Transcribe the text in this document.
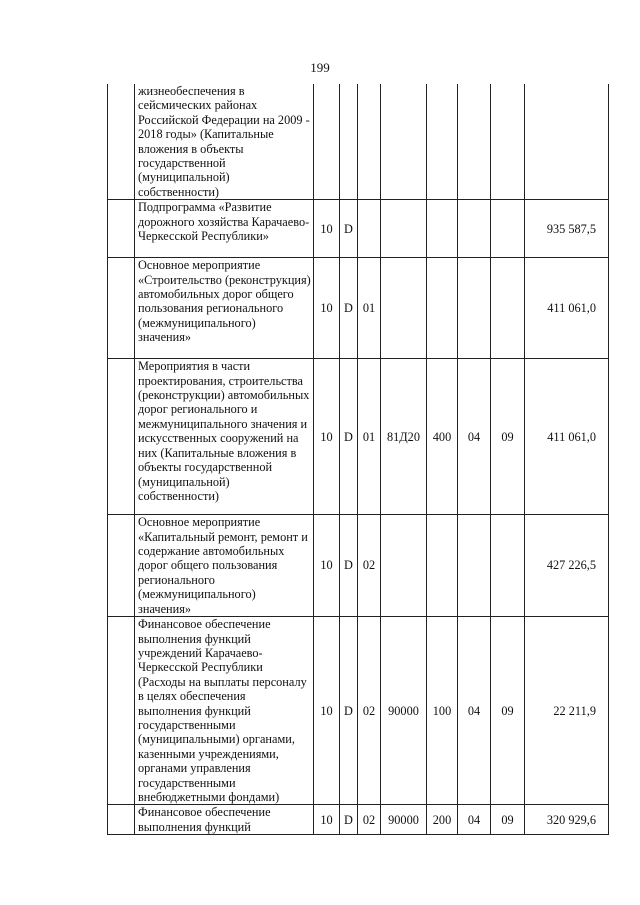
199
	жизнеобеспечения в сейсмических районах Российской Федерации на 2009 - 2018 годы» (Капитальные вложения в объекты государственной (муниципальной) собственности)								
	Подпрограмма «Развитие дорожного хозяйства Карачаево-Черкесской Республики»	10	D						935 587,5
	Основное мероприятие «Строительство (реконструкция) автомобильных дорог общего пользования регионального (межмуниципального) значения»	10	D	01					411 061,0
	Мероприятия в части проектирования, строительства (реконструкции) автомобильных дорог регионального и межмуниципального значения и искусственных сооружений на них (Капитальные вложения в объекты государственной (муниципальной) собственности)	10	D	01	81Д20	400	04	09	411 061,0
	Основное мероприятие «Капитальный ремонт, ремонт и содержание автомобильных дорог общего пользования регионального (межмуниципального) значения»	10	D	02					427 226,5
	Финансовое обеспечение выполнения функций учреждений Карачаево-Черкесской Республики (Расходы на выплаты персоналу в целях обеспечения выполнения функций государственными (муниципальными) органами, казенными учреждениями, органами управления государственными внебюджетными фондами)	10	D	02	90000	100	04	09	22 211,9
	Финансовое обеспечение выполнения функций	10	D	02	90000	200	04	09	320 929,6
